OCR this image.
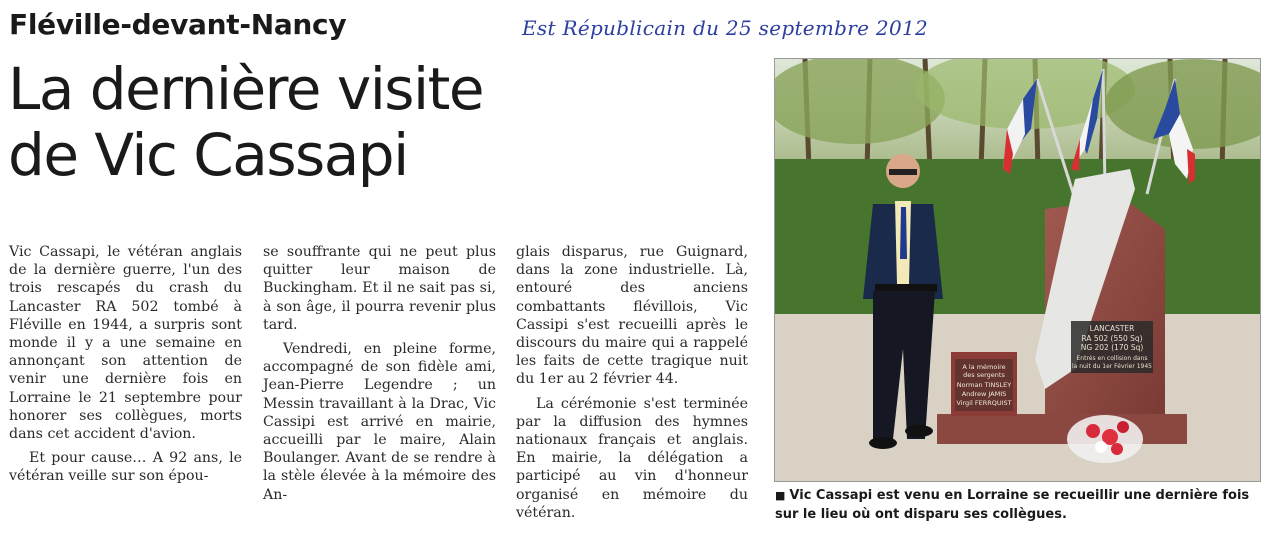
Fléville-devant-Nancy	Est Républicain du 25 septembre 2012
La dernière visite
de Vic Cassapi

Vic Cassapi, le vétéran anglais de la dernière guerre, l'un des trois rescapés du crash du Lancaster RA 502 tombé à Fléville en 1944, a surpris sont monde il y a une semaine en annonçant son attention de venir une dernière fois en Lorraine le 21 septembre pour honorer ses collègues, morts dans cet accident d'avion.

Et pour cause… A 92 ans, le vétéran veille sur son épou-

se souffrante qui ne peut plus quitter leur maison de Buckingham. Et il ne sait pas si, à son âge, il pourra revenir plus tard.

Vendredi, en pleine forme, accompagné de son fidèle ami, Jean-Pierre Legendre ; un Messin travaillant à la Drac, Vic Cassipi est arrivé en mairie, accueilli par le maire, Alain Boulanger. Avant de se rendre à la stèle élevée à la mémoire des An-

glais disparus, rue Guignard, dans la zone industrielle. Là, entouré des anciens combattants flévillois, Vic Cassipi s'est recueilli après le discours du maire qui a rappelé les faits de cette tragique nuit du 1er au 2 février 44.

La cérémonie s'est terminée par la diffusion des hymnes nationaux français et anglais. En mairie, la délégation a participé au vin d'honneur organisé en mémoire du vétéran.

LANCASTER
RA 502 (550 Sq)
NG 202 (170 Sq)
Entrés en collision dans
la nuit du 1er Février 1945
A la mémoire
des sergents
Norman TINSLEY
Andrew JAMIS
Virgil FERRQUIST
■ Vic Cassapi est venu en Lorraine se recueillir une dernière fois sur le lieu où ont disparu ses collègues.
